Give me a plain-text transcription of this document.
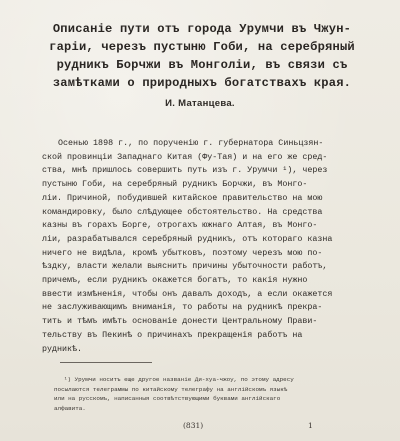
Описаніе пути отъ города Урумчи въ Чжун-
гаріи, черезъ пустыню Гоби, на серебряный
рудникъ Борчжи въ Монголіи, въ связи съ
замѣтками о природныхъ богатствахъ края.
И. Матанцева.
Осенью 1898 г., по порученію г. губернатора Синьцзян-
ской провинціи Западнаго Китая (Фу-Тая) и на его же сред-
ства, мнѣ пришлось совершить путь изъ г. Урумчи ¹), через
пустыню Гоби, на серебряный рудникъ Борчжи, въ Монго-
ліи. Причиной, побудившей китайское правительство на мою
командировку, было слѣдующее обстоятельство. На средства
казны въ горахъ Борге, отрогахъ южнаго Алтая, въ Монго-
ліи, разрабатывался серебряный рудникъ, отъ котораго казна
ничего не видѣла, кромѣ убытковъ, поэтому черезъ мою по-
ѣздку, власти желали выяснить причины убыточности работъ,
причемъ, если рудникъ окажется богатъ, то какія нужно
ввести измѣненія, чтобы онъ давалъ доходъ, а если окажется
не заслуживающимъ вниманія, то работы на рудникѣ прекра-
тить и тѣмъ имѣть основаніе донести Центральному Прави-
тельству въ Пекинѣ о причинахъ прекращенія работъ на
рудникѣ.
¹) Урумчи носитъ еще другое названіе Ди-хуа-чжоу, по этому адресу
посылаются телеграммы по китайскому телеграфу на англійскомъ языкѣ
или на русскомъ, написанныя соотвѣтствующими буквами англійскаго
алфавита.
(831)	1
